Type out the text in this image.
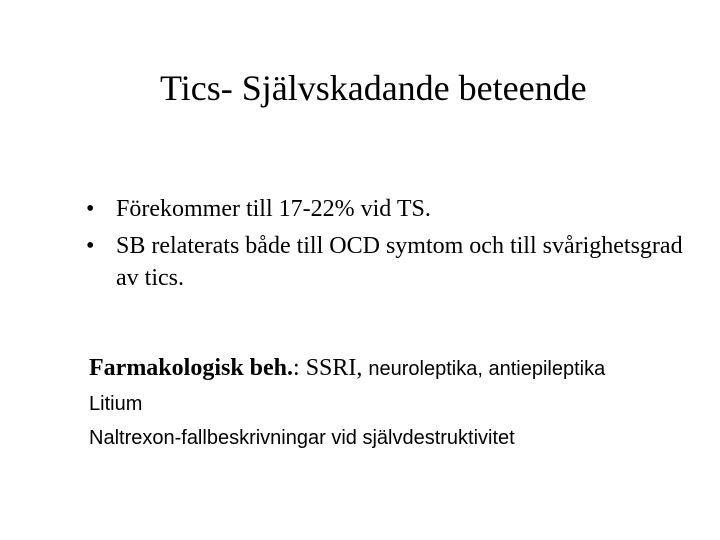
Tics- Självskadande beteende
• Förekommer till 17-22% vid TS.
• SB relaterats både till OCD symtom och till svårighetsgrad av tics.
Farmakologisk beh.: SSRI, neuroleptika, antiepileptika
Litium
Naltrexon-fallbeskrivningar vid självdestruktivitet
